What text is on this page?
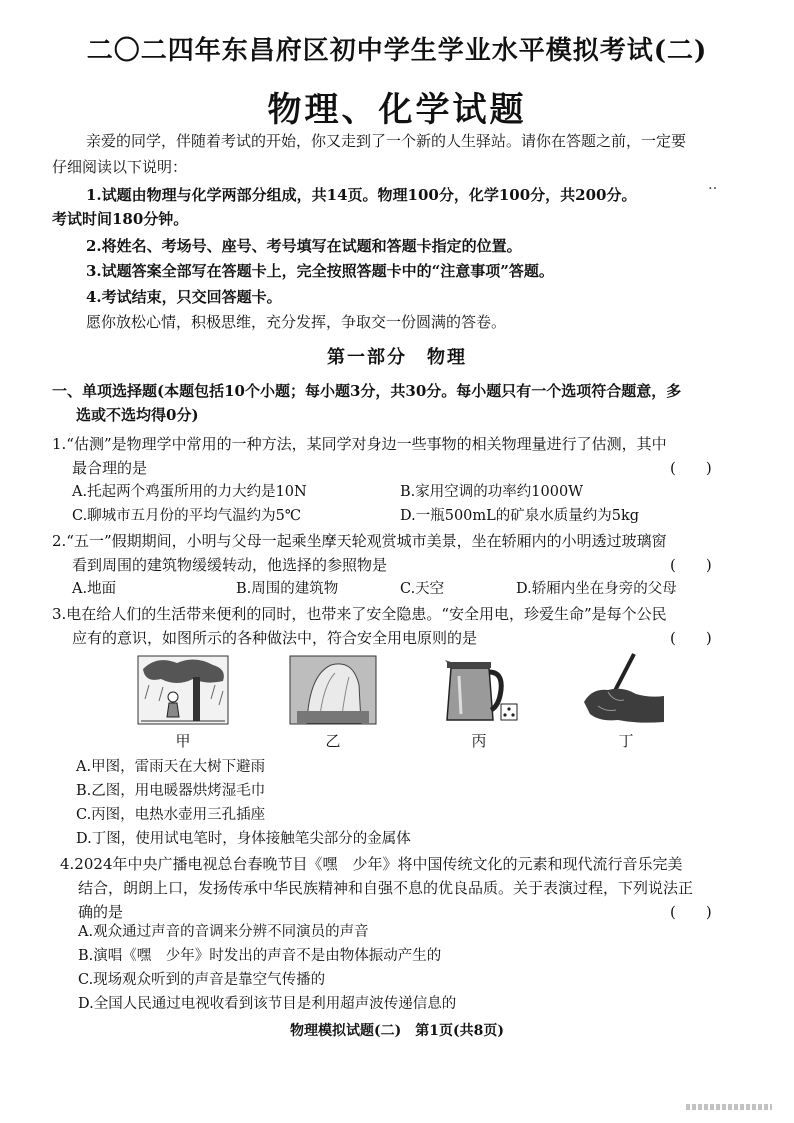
二〇二四年东昌府区初中学生学业水平模拟考试(二)
物理、化学试题
亲爱的同学，伴随着考试的开始，你又走到了一个新的人生驿站。请你在答题之前，一定要
仔细阅读以下说明：
‥
1.试题由物理与化学两部分组成，共14页。物理100分，化学100分，共200分。
考试时间180分钟。
2.将姓名、考场号、座号、考号填写在试题和答题卡指定的位置。
3.试题答案全部写在答题卡上，完全按照答题卡中的“注意事项”答题。
4.考试结束，只交回答题卡。
愿你放松心情，积极思维，充分发挥，争取交一份圆满的答卷。
第一部分　物理
一、单项选择题(本题包括10个小题；每小题3分，共30分。每小题只有一个选项符合题意，多
选或不选均得0分)
1.“估测”是物理学中常用的一种方法，某同学对身边一些事物的相关物理量进行了估测，其中
最合理的是	(　　)
A.托起两个鸡蛋所用的力大约是10N	B.家用空调的功率约1000W
C.聊城市五月份的平均气温约为5℃	D.一瓶500mL的矿泉水质量约为5kg
2.“五一”假期期间，小明与父母一起乘坐摩天轮观赏城市美景，坐在轿厢内的小明透过玻璃窗
看到周围的建筑物缓缓转动，他选择的参照物是	(　　)
A.地面	B.周围的建筑物	C.天空	D.轿厢内坐在身旁的父母
3.电在给人们的生活带来便利的同时，也带来了安全隐患。“安全用电，珍爱生命”是每个公民
应有的意识，如图所示的各种做法中，符合安全用电原则的是	(　　)
甲	乙	丙	丁
A.甲图，雷雨天在大树下避雨
B.乙图，用电暖器烘烤湿毛巾
C.丙图，电热水壶用三孔插座
D.丁图，使用试电笔时，身体接触笔尖部分的金属体
4.2024年中央广播电视总台春晚节目《嘿　少年》将中国传统文化的元素和现代流行音乐完美
结合，朗朗上口，发扬传承中华民族精神和自强不息的优良品质。关于表演过程，下列说法正
确的是	(　　)
A.观众通过声音的音调来分辨不同演员的声音
B.演唱《嘿　少年》时发出的声音不是由物体振动产生的
C.现场观众听到的声音是靠空气传播的
D.全国人民通过电视收看到该节目是利用超声波传递信息的
物理模拟试题(二)　第1页(共8页)
